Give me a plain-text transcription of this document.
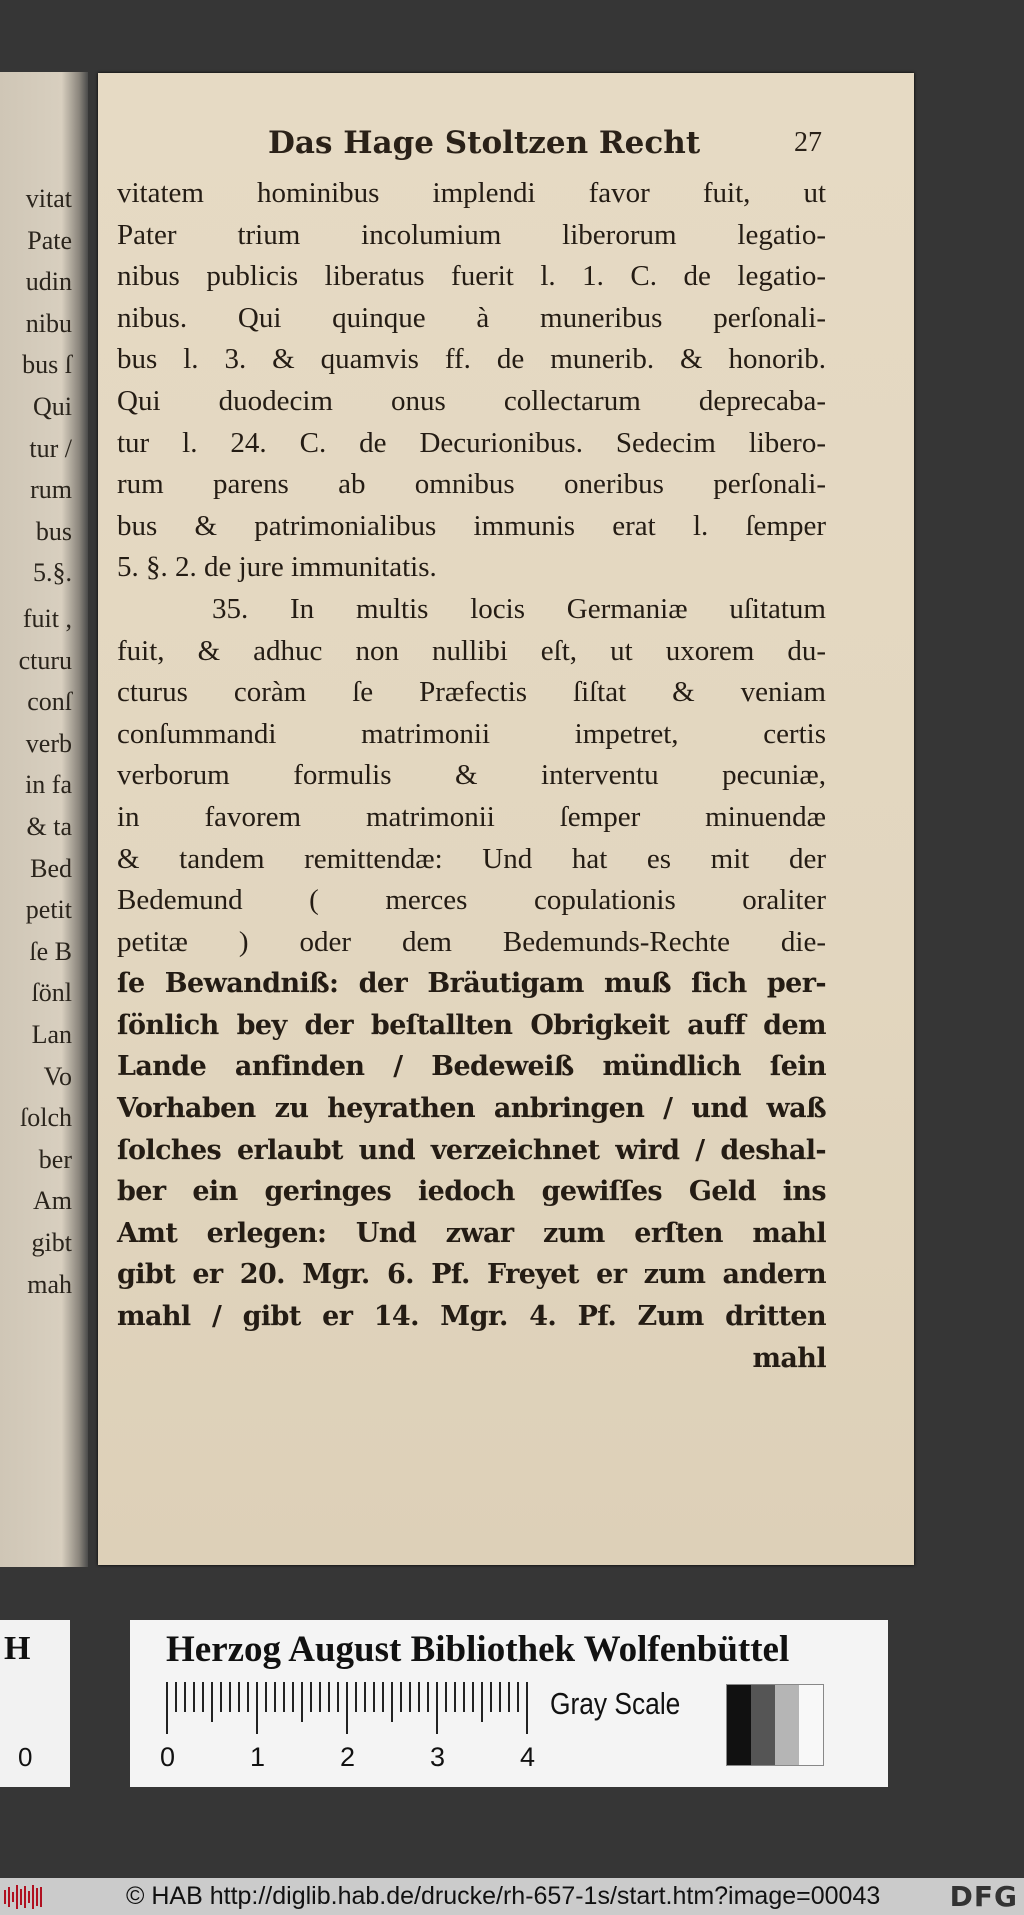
vitat
Pate
udin
nibu
bus ſ
Qui
tur /
rum
bus
5.§.
fuit ,
cturu
conſ
verb
in fa
& ta
Bed
petit
ſe B
ſönl
Lan
Vo
ſolch
ber
Am
gibt
mah
Das Hage Stoltzen Recht	27
vitatem hominibus implendi favor fuit, ut
Pater trium incolumium liberorum legatio-
nibus publicis liberatus fuerit l. 1. C. de legatio-
nibus. Qui quinque à muneribus perſonali-
bus l. 3. & quamvis ff. de munerib. & honorib.
Qui duodecim onus collectarum deprecaba-
tur l. 24. C. de Decurionibus. Sedecim libero-
rum parens ab omnibus oneribus perſonali-
bus & patrimonialibus immunis erat l. ſemper
5. §. 2. de jure immunitatis.
35. In multis locis Germaniæ uſitatum
fuit, & adhuc non nullibi eſt, ut uxorem du-
cturus coràm ſe Præfectis ſiſtat & veniam
conſummandi matrimonii impetret, certis
verborum formulis & interventu pecuniæ,
in favorem matrimonii ſemper minuendæ
& tandem remittendæ: Und hat es mit der
Bedemund ( merces copulationis oraliter
petitæ ) oder dem Bedemunds-Rechte die-
ſe Bewandniß: der Bräutigam muß ſich per-
ſönlich bey der beſtallten Obrigkeit auff dem
Lande anfinden / Bedeweiß mündlich ſein
Vorhaben zu heyrathen anbringen / und waß
ſolches erlaubt und verzeichnet wird / deshal-
ber ein geringes iedoch gewiſſes Geld ins
Amt erlegen: Und zwar zum erſten mahl
gibt er 20. Mgr. 6. Pf. Freyet er zum andern
mahl / gibt er 14. Mgr. 4. Pf. Zum dritten
mahl
H
0
Herzog August Bibliothek Wolfenbüttel
0	1	2	3	4
Gray Scale
© HAB http://diglib.hab.de/drucke/rh-657-1s/start.htm?image=00043 DFG
